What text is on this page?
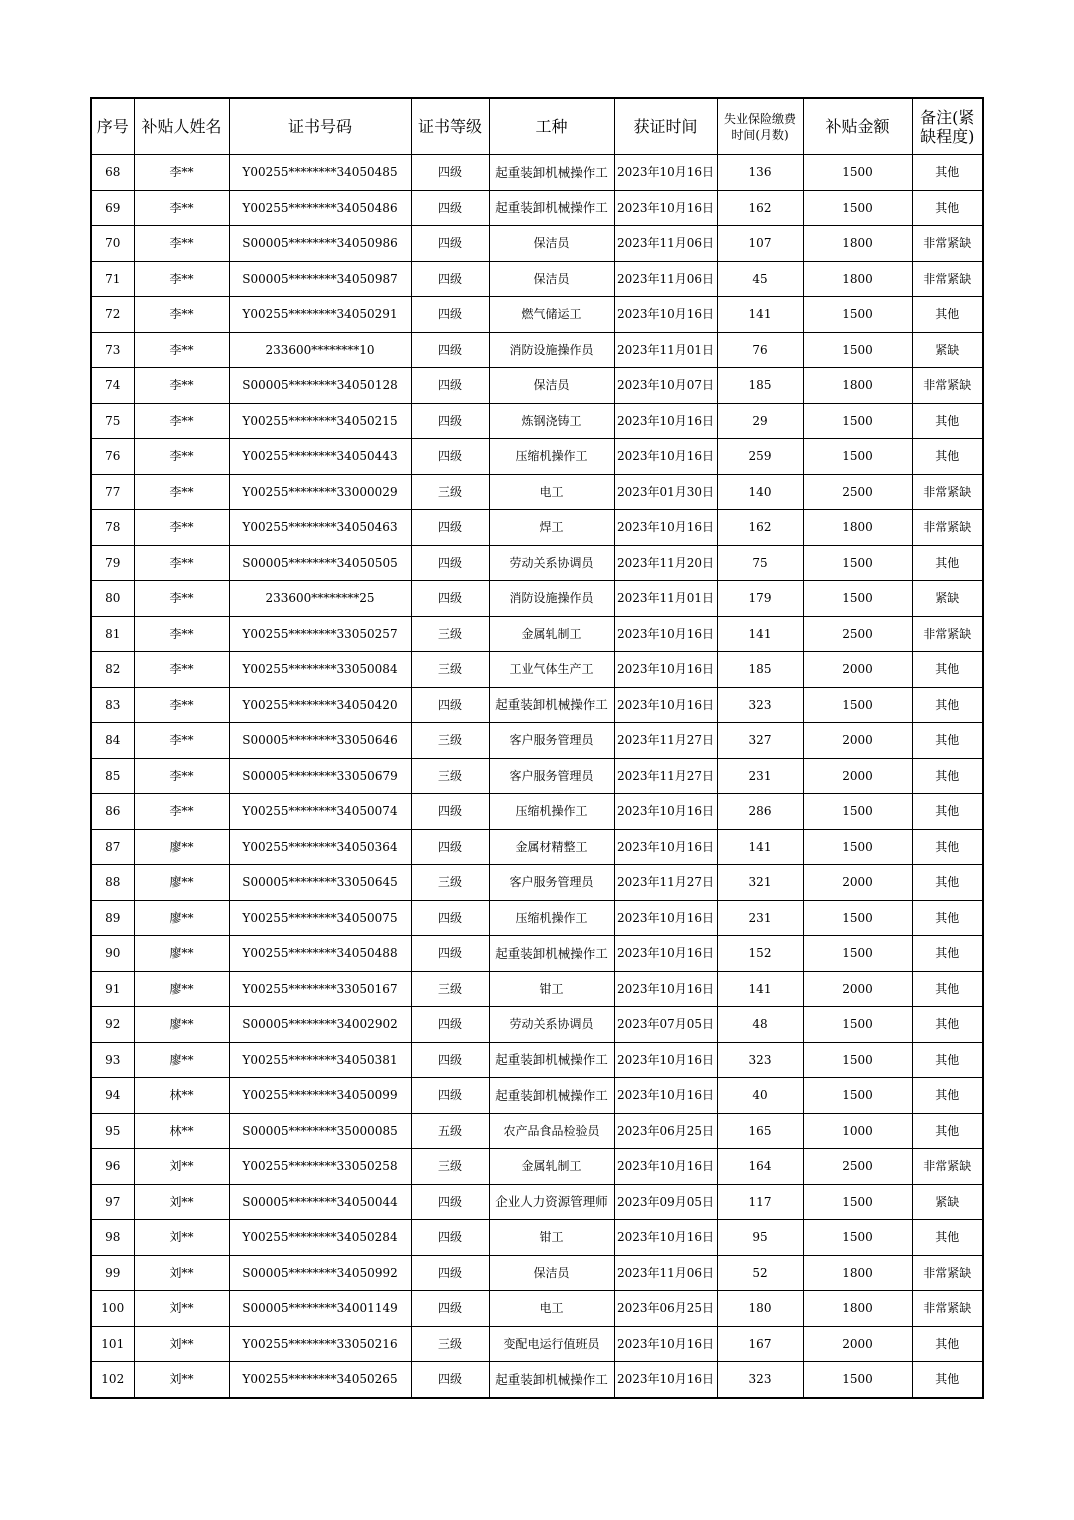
序号	补贴人姓名	证书号码	证书等级	工种	获证时间	失业保险缴费时间(月数)	补贴金额	备注(紧缺程度)
68	李**	Y00255********34050485	四级	起重装卸机械操作工	2023年10月16日	136	1500	其他
69	李**	Y00255********34050486	四级	起重装卸机械操作工	2023年10月16日	162	1500	其他
70	李**	S00005********34050986	四级	保洁员	2023年11月06日	107	1800	非常紧缺
71	李**	S00005********34050987	四级	保洁员	2023年11月06日	45	1800	非常紧缺
72	李**	Y00255********34050291	四级	燃气储运工	2023年10月16日	141	1500	其他
73	李**	233600********10	四级	消防设施操作员	2023年11月01日	76	1500	紧缺
74	李**	S00005********34050128	四级	保洁员	2023年10月07日	185	1800	非常紧缺
75	李**	Y00255********34050215	四级	炼钢浇铸工	2023年10月16日	29	1500	其他
76	李**	Y00255********34050443	四级	压缩机操作工	2023年10月16日	259	1500	其他
77	李**	Y00255********33000029	三级	电工	2023年01月30日	140	2500	非常紧缺
78	李**	Y00255********34050463	四级	焊工	2023年10月16日	162	1800	非常紧缺
79	李**	S00005********34050505	四级	劳动关系协调员	2023年11月20日	75	1500	其他
80	李**	233600********25	四级	消防设施操作员	2023年11月01日	179	1500	紧缺
81	李**	Y00255********33050257	三级	金属轧制工	2023年10月16日	141	2500	非常紧缺
82	李**	Y00255********33050084	三级	工业气体生产工	2023年10月16日	185	2000	其他
83	李**	Y00255********34050420	四级	起重装卸机械操作工	2023年10月16日	323	1500	其他
84	李**	S00005********33050646	三级	客户服务管理员	2023年11月27日	327	2000	其他
85	李**	S00005********33050679	三级	客户服务管理员	2023年11月27日	231	2000	其他
86	李**	Y00255********34050074	四级	压缩机操作工	2023年10月16日	286	1500	其他
87	廖**	Y00255********34050364	四级	金属材精整工	2023年10月16日	141	1500	其他
88	廖**	S00005********33050645	三级	客户服务管理员	2023年11月27日	321	2000	其他
89	廖**	Y00255********34050075	四级	压缩机操作工	2023年10月16日	231	1500	其他
90	廖**	Y00255********34050488	四级	起重装卸机械操作工	2023年10月16日	152	1500	其他
91	廖**	Y00255********33050167	三级	钳工	2023年10月16日	141	2000	其他
92	廖**	S00005********34002902	四级	劳动关系协调员	2023年07月05日	48	1500	其他
93	廖**	Y00255********34050381	四级	起重装卸机械操作工	2023年10月16日	323	1500	其他
94	林**	Y00255********34050099	四级	起重装卸机械操作工	2023年10月16日	40	1500	其他
95	林**	S00005********35000085	五级	农产品食品检验员	2023年06月25日	165	1000	其他
96	刘**	Y00255********33050258	三级	金属轧制工	2023年10月16日	164	2500	非常紧缺
97	刘**	S00005********34050044	四级	企业人力资源管理师	2023年09月05日	117	1500	紧缺
98	刘**	Y00255********34050284	四级	钳工	2023年10月16日	95	1500	其他
99	刘**	S00005********34050992	四级	保洁员	2023年11月06日	52	1800	非常紧缺
100	刘**	S00005********34001149	四级	电工	2023年06月25日	180	1800	非常紧缺
101	刘**	Y00255********33050216	三级	变配电运行值班员	2023年10月16日	167	2000	其他
102	刘**	Y00255********34050265	四级	起重装卸机械操作工	2023年10月16日	323	1500	其他
